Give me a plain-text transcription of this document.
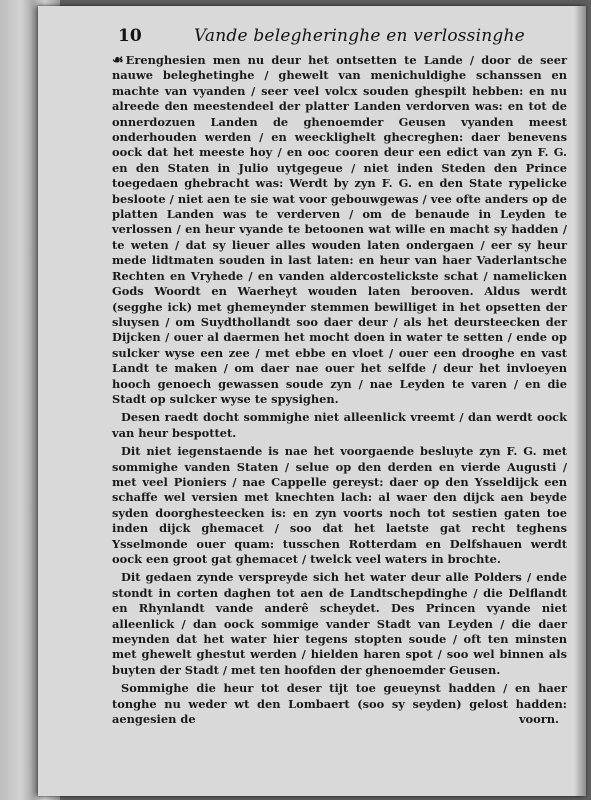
10	Vande belegheringhe en verlossinghe

☙ Erenghesien men nu deur het ontsetten te Lande / door de seer nauwe beleghetinghe / ghewelt van menichuldighe schanssen en machte van vyanden / seer veel volcx souden ghespilt hebben: en nu alreede den meestendeel der platter Landen verdorven was: en tot de onnerdozuen Landen de ghenoemder Geusen vyanden meest onderhouden werden / en weecklighelt ghecreghen: daer benevens oock dat het meeste hoy / en ooc cooren deur een edict van zyn F. G. en den Staten in Julio uytgegeue / niet inden Steden den Prince toegedaen ghebracht was: Werdt by zyn F. G. en den State rypelicke besloote / niet aen te sie wat voor gebouwgewas / vee ofte anders op de platten Landen was te verderven / om de benaude in Leyden te verlossen / en heur vyande te betoonen wat wille en macht sy hadden / te weten / dat sy lieuer alles wouden laten ondergaen / eer sy heur mede lidtmaten souden in last laten: en heur van haer Vaderlantsche Rechten en Vryhede / en vanden aldercostelickste schat / namelicken Gods Woordt en Waerheyt wouden laten berooven. Aldus werdt (segghe ick) met ghemeynder stemmen bewilliget in het opsetten der sluysen / om Suydthollandt soo daer deur / als het deursteecken der Dijcken / ouer al daermen het mocht doen in water te setten / ende op sulcker wyse een zee / met ebbe en vloet / ouer een drooghe en vast Landt te maken / om daer nae ouer het selfde / deur het invloeyen hooch genoech gewassen soude zyn / nae Leyden te varen / en die Stadt op sulcker wyse te spysighen.

Desen raedt docht sommighe niet alleenlick vreemt / dan werdt oock van heur bespottet.

Dit niet iegenstaende is nae het voorgaende besluyte zyn F. G. met sommighe vanden Staten / selue op den derden en vierde Augusti / met veel Pioniers / nae Cappelle gereyst: daer op den Ysseldijck een schaffe wel versien met knechten lach: al waer den dijck aen beyde syden doorghesteecken is: en zyn voorts noch tot sestien gaten toe inden dijck ghemacet / soo dat het laetste gat recht teghens Ysselmonde ouer quam: tusschen Rotterdam en Delfshauen werdt oock een groot gat ghemacet / twelck veel waters in brochte.

Dit gedaen zynde verspreyde sich het water deur alle Polders / ende stondt in corten daghen tot aen de Landtschepdinghe / die Delflandt en Rhynlandt vande anderê scheydet. Des Princen vyande niet alleenlick / dan oock sommige vander Stadt van Leyden / die daer meynden dat het water hier tegens stopten soude / oft ten minsten met ghewelt ghestut werden / hielden haren spot / soo wel binnen als buyten der Stadt / met ten hoofden der ghenoemder Geusen.

Sommighe die heur tot deser tijt toe geueynst hadden / en haer tonghe nu weder wt den Lombaert (soo sy seyden) gelost hadden: aengesien de	voorn.
